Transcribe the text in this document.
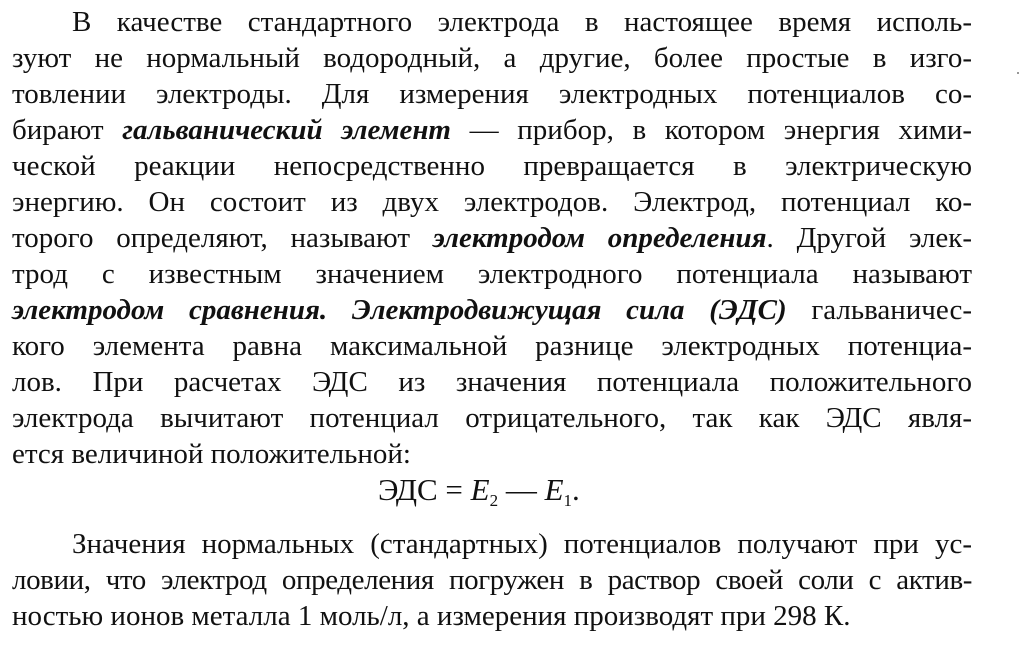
В качестве стандартного электрода в настоящее время исполь-
зуют не нормальный водородный, а другие, более простые в изго-
товлении электроды. Для измерения электродных потенциалов со-
бирают гальванический элемент — прибор, в котором энергия хими-
ческой реакции непосредственно превращается в электрическую
энергию. Он состоит из двух электродов. Электрод, потенциал ко-
торого определяют, называют электродом определения. Другой элек-
трод с известным значением электродного потенциала называют
электродом сравнения. Электродвижущая сила (ЭДС) гальваничес-
кого элемента равна максимальной разнице электродных потенциа-
лов. При расчетах ЭДС из значения потенциала положительного
электрода вычитают потенциал отрицательного, так как ЭДС явля-
ется величиной положительной:
ЭДС = $E_2$ — $E_1$.
Значения нормальных (стандартных) потенциалов получают при ус-
ловии, что электрод определения погружен в раствор своей соли с актив-
ностью ионов металла 1 моль/л, а измерения производят при 298 К.
